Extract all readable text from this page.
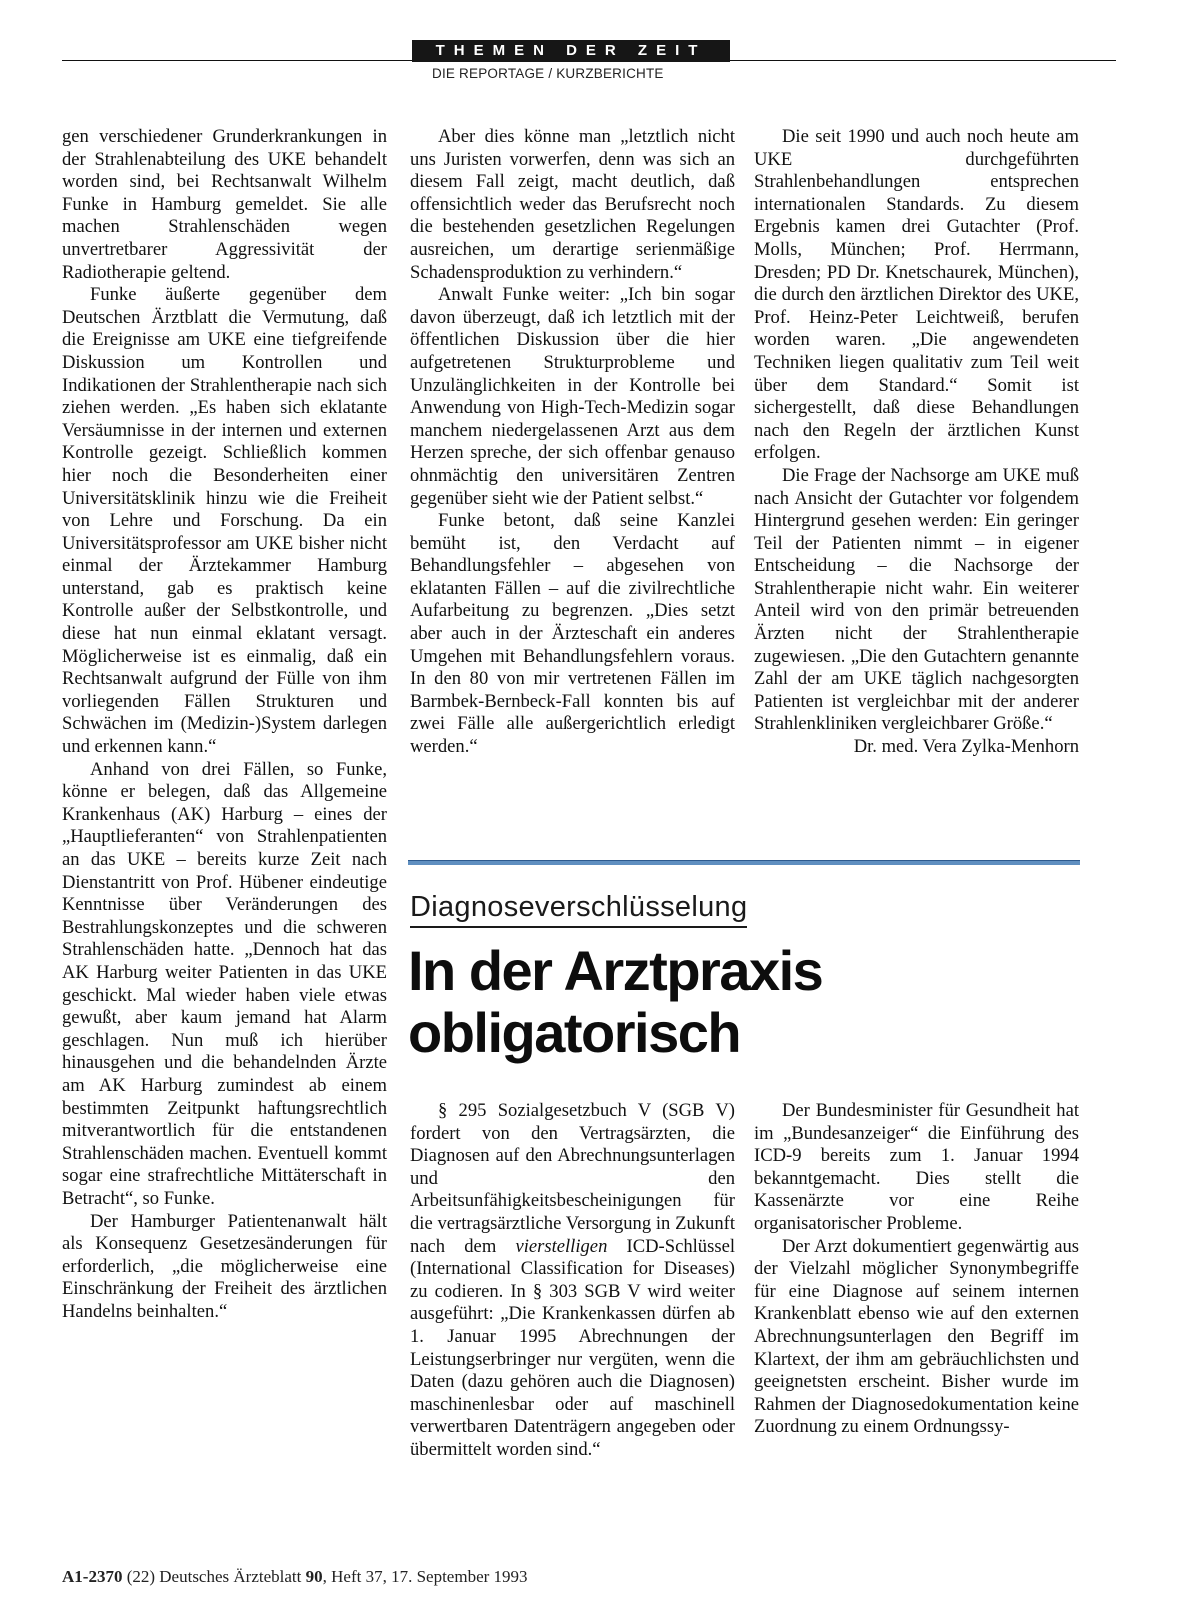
THEMEN DER ZEIT
DIE REPORTAGE / KURZBERICHTE

gen verschiedener Grunderkrankungen in der Strahlenabteilung des UKE behandelt worden sind, bei Rechtsanwalt Wilhelm Funke in Hamburg gemeldet. Sie alle machen Strahlenschäden wegen unvertretbarer Aggressivität der Radiotherapie geltend.

Funke äußerte gegenüber dem Deutschen Ärztblatt die Vermutung, daß die Ereignisse am UKE eine tiefgreifende Diskussion um Kontrollen und Indikationen der Strahlentherapie nach sich ziehen werden. „Es haben sich eklatante Versäumnisse in der internen und externen Kontrolle gezeigt. Schließlich kommen hier noch die Besonderheiten einer Universitätsklinik hinzu wie die Freiheit von Lehre und Forschung. Da ein Universitätsprofessor am UKE bisher nicht einmal der Ärztekammer Hamburg unterstand, gab es praktisch keine Kontrolle außer der Selbstkontrolle, und diese hat nun einmal eklatant versagt. Möglicherweise ist es einmalig, daß ein Rechtsanwalt aufgrund der Fülle von ihm vorliegenden Fällen Strukturen und Schwächen im (Medizin-)System darlegen und erkennen kann.“

Anhand von drei Fällen, so Funke, könne er belegen, daß das Allgemeine Krankenhaus (AK) Harburg – eines der „Hauptlieferanten“ von Strahlenpatienten an das UKE – bereits kurze Zeit nach Dienstantritt von Prof. Hübener eindeutige Kenntnisse über Veränderungen des Bestrahlungskonzeptes und die schweren Strahlenschäden hatte. „Dennoch hat das AK Harburg weiter Patienten in das UKE geschickt. Mal wieder haben viele etwas gewußt, aber kaum jemand hat Alarm geschlagen. Nun muß ich hierüber hinausgehen und die behandelnden Ärzte am AK Harburg zumindest ab einem bestimmten Zeitpunkt haftungsrechtlich mitverantwortlich für die entstandenen Strahlenschäden machen. Eventuell kommt sogar eine strafrechtliche Mittäterschaft in Betracht“, so Funke.

Der Hamburger Patientenanwalt hält als Konsequenz Gesetzesänderungen für erforderlich, „die möglicherweise eine Einschränkung der Freiheit des ärztlichen Handelns beinhalten.“

Aber dies könne man „letztlich nicht uns Juristen vorwerfen, denn was sich an diesem Fall zeigt, macht deutlich, daß offensichtlich weder das Berufsrecht noch die bestehenden gesetzlichen Regelungen ausreichen, um derartige serienmäßige Schadensproduktion zu verhindern.“

Anwalt Funke weiter: „Ich bin sogar davon überzeugt, daß ich letztlich mit der öffentlichen Diskussion über die hier aufgetretenen Strukturprobleme und Unzulänglichkeiten in der Kontrolle bei Anwendung von High-Tech-Medizin sogar manchem niedergelassenen Arzt aus dem Herzen spreche, der sich offenbar genauso ohnmächtig den universitären Zentren gegenüber sieht wie der Patient selbst.“

Funke betont, daß seine Kanzlei bemüht ist, den Verdacht auf Behandlungsfehler – abgesehen von eklatanten Fällen – auf die zivilrechtliche Aufarbeitung zu begrenzen. „Dies setzt aber auch in der Ärzteschaft ein anderes Umgehen mit Behandlungsfehlern voraus. In den 80 von mir vertretenen Fällen im Barmbek-Bernbeck-Fall konnten bis auf zwei Fälle alle außergerichtlich erledigt werden.“

Die seit 1990 und auch noch heute am UKE durchgeführten Strahlenbehandlungen entsprechen internationalen Standards. Zu diesem Ergebnis kamen drei Gutachter (Prof. Molls, München; Prof. Herrmann, Dresden; PD Dr. Knetschaurek, München), die durch den ärztlichen Direktor des UKE, Prof. Heinz-Peter Leichtweiß, berufen worden waren. „Die angewendeten Techniken liegen qualitativ zum Teil weit über dem Standard.“ Somit ist sichergestellt, daß diese Behandlungen nach den Regeln der ärztlichen Kunst erfolgen.

Die Frage der Nachsorge am UKE muß nach Ansicht der Gutachter vor folgendem Hintergrund gesehen werden: Ein geringer Teil der Patienten nimmt – in eigener Entscheidung – die Nachsorge der Strahlentherapie nicht wahr. Ein weiterer Anteil wird von den primär betreuenden Ärzten nicht der Strahlentherapie zugewiesen. „Die den Gutachtern genannte Zahl der am UKE täglich nachgesorgten Patienten ist vergleichbar mit der anderer Strahlenkliniken vergleichbarer Größe.“

Dr. med. Vera Zylka-Menhorn

Diagnoseverschlüsselung
In der Arztpraxis obligatorisch

§ 295 Sozialgesetzbuch V (SGB V) fordert von den Vertragsärzten, die Diagnosen auf den Abrechnungsunterlagen und den Arbeitsunfähigkeitsbescheinigungen für die vertragsärztliche Versorgung in Zukunft nach dem vierstelligen ICD-Schlüssel (International Classification for Diseases) zu codieren. In § 303 SGB V wird weiter ausgeführt: „Die Krankenkassen dürfen ab 1. Januar 1995 Abrechnungen der Leistungserbringer nur vergüten, wenn die Daten (dazu gehören auch die Diagnosen) maschinenlesbar oder auf maschinell verwertbaren Datenträgern angegeben oder übermittelt worden sind.“

Der Bundesminister für Gesundheit hat im „Bundesanzeiger“ die Einführung des ICD-9 bereits zum 1. Januar 1994 bekanntgemacht. Dies stellt die Kassenärzte vor eine Reihe organisatorischer Probleme.

Der Arzt dokumentiert gegenwärtig aus der Vielzahl möglicher Synonymbegriffe für eine Diagnose auf seinem internen Krankenblatt ebenso wie auf den externen Abrechnungsunterlagen den Begriff im Klartext, der ihm am gebräuchlichsten und geeignetsten erscheint. Bisher wurde im Rahmen der Diagnosedokumentation keine Zuordnung zu einem Ordnungssy-

A1-2370 (22) Deutsches Ärzteblatt 90, Heft 37, 17. September 1993
